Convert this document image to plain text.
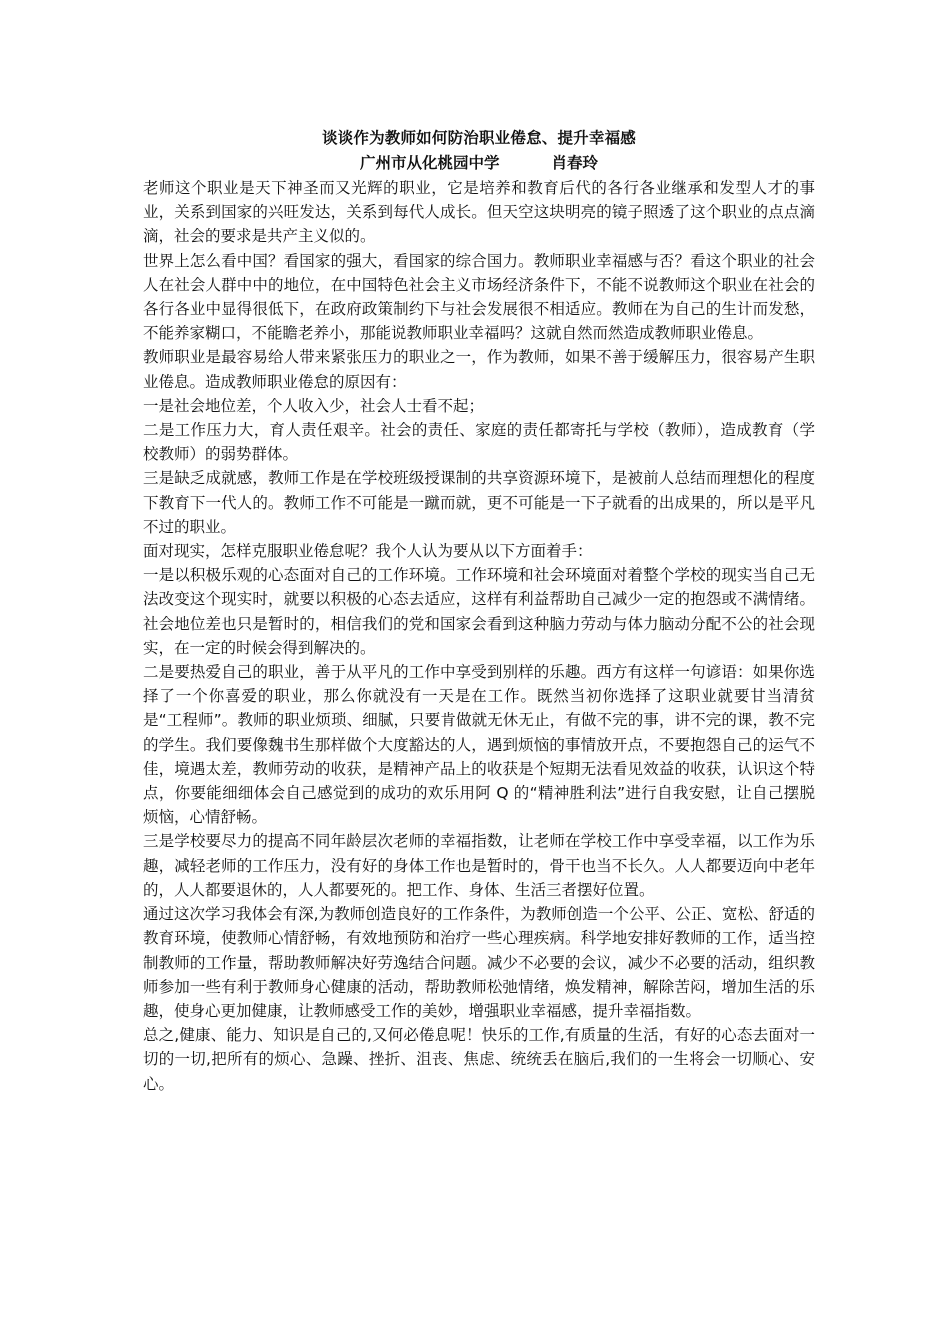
谈谈作为教师如何防治职业倦怠、提升幸福感
广州市从化桃园中学	肖春玲

老师这个职业是天下神圣而又光辉的职业，它是培养和教育后代的各行各业继承和发型人才的事业，关系到国家的兴旺发达，关系到每代人成长。但天空这块明亮的镜子照透了这个职业的点点滴滴，社会的要求是共产主义似的。

世界上怎么看中国？看国家的强大，看国家的综合国力。教师职业幸福感与否？看这个职业的社会人在社会人群中中的地位，在中国特色社会主义市场经济条件下，不能不说教师这个职业在社会的各行各业中显得很低下，在政府政策制约下与社会发展很不相适应。教师在为自己的生计而发愁，不能养家糊口，不能瞻老养小，那能说教师职业幸福吗？这就自然而然造成教师职业倦息。

教师职业是最容易给人带来紧张压力的职业之一，作为教师，如果不善于缓解压力，很容易产生职业倦息。造成教师职业倦怠的原因有：

一是社会地位差，个人收入少，社会人士看不起；

二是工作压力大，育人责任艰辛。社会的责任、家庭的责任都寄托与学校（教师），造成教育（学校教师）的弱势群体。

三是缺乏成就感，教师工作是在学校班级授课制的共享资源环境下，是被前人总结而理想化的程度下教育下一代人的。教师工作不可能是一蹴而就，更不可能是一下子就看的出成果的，所以是平凡不过的职业。

面对现实，怎样克服职业倦怠呢？我个人认为要从以下方面着手：

一是以积极乐观的心态面对自己的工作环境。工作环境和社会环境面对着整个学校的现实当自己无法改变这个现实时，就要以积极的心态去适应，这样有利益帮助自己减少一定的抱怨或不满情绪。社会地位差也只是暂时的，相信我们的党和国家会看到这种脑力劳动与体力脑动分配不公的社会现实，在一定的时候会得到解决的。

二是要热爱自己的职业，善于从平凡的工作中享受到别样的乐趣。西方有这样一句谚语：如果你选择了一个你喜爱的职业，那么你就没有一天是在工作。既然当初你选择了这职业就要甘当清贫是“工程师”。教师的职业烦琐、细腻，只要肯做就无休无止，有做不完的事，讲不完的课，教不完的学生。我们要像魏书生那样做个大度豁达的人，遇到烦恼的事情放开点，不要抱怨自己的运气不佳，境遇太差，教师劳动的收获，是精神产品上的收获是个短期无法看见效益的收获，认识这个特点，你要能细细体会自己感觉到的成功的欢乐用阿 Q 的“精神胜利法”进行自我安慰，让自己摆脱烦恼，心情舒畅。

三是学校要尽力的提高不同年龄层次老师的幸福指数，让老师在学校工作中享受幸福，以工作为乐趣，减轻老师的工作压力，没有好的身体工作也是暂时的，骨干也当不长久。人人都要迈向中老年的，人人都要退休的，人人都要死的。把工作、身体、生活三者摆好位置。

通过这次学习我体会有深,为教师创造良好的工作条件，为教师创造一个公平、公正、宽松、舒适的教育环境，使教师心情舒畅，有效地预防和治疗一些心理疾病。科学地安排好教师的工作，适当控制教师的工作量，帮助教师解决好劳逸结合问题。减少不必要的会议，减少不必要的活动，组织教师参加一些有利于教师身心健康的活动，帮助教师松弛情绪，焕发精神，解除苦闷，增加生活的乐趣，使身心更加健康，让教师感受工作的美妙，增强职业幸福感，提升幸福指数。

总之,健康、能力、知识是自己的,又何必倦息呢！快乐的工作,有质量的生活，有好的心态去面对一切的一切,把所有的烦心、急躁、挫折、沮丧、焦虑、统统丢在脑后,我们的一生将会一切顺心、安心。
